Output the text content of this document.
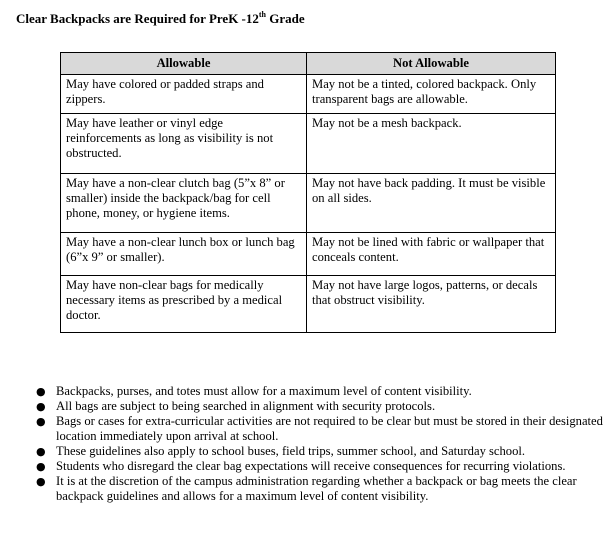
Clear Backpacks are Required for PreK -12th Grade
Allowable	Not Allowable
May have colored or padded straps and zippers.	May not be a tinted, colored backpack. Only transparent bags are allowable.
May have leather or vinyl edge reinforcements as long as visibility is not obstructed.	May not be a mesh backpack.
May have a non-clear clutch bag (5”x 8” or smaller) inside the backpack/bag for cell phone, money, or hygiene items.	May not have back padding. It must be visible on all sides.
May have a non-clear lunch box or lunch bag (6”x 9” or smaller).	May not be lined with fabric or wallpaper that conceals content.
May have non-clear bags for medically necessary items as prescribed by a medical doctor.	May not have large logos, patterns, or decals that obstruct visibility.
● Backpacks, purses, and totes must allow for a maximum level of content visibility.
● All bags are subject to being searched in alignment with security protocols.
● Bags or cases for extra-curricular activities are not required to be clear but must be stored in their designated location immediately upon arrival at school.
● These guidelines also apply to school buses, field trips, summer school, and Saturday school.
● Students who disregard the clear bag expectations will receive consequences for recurring violations.
● It is at the discretion of the campus administration regarding whether a backpack or bag meets the clear backpack guidelines and allows for a maximum level of content visibility.
